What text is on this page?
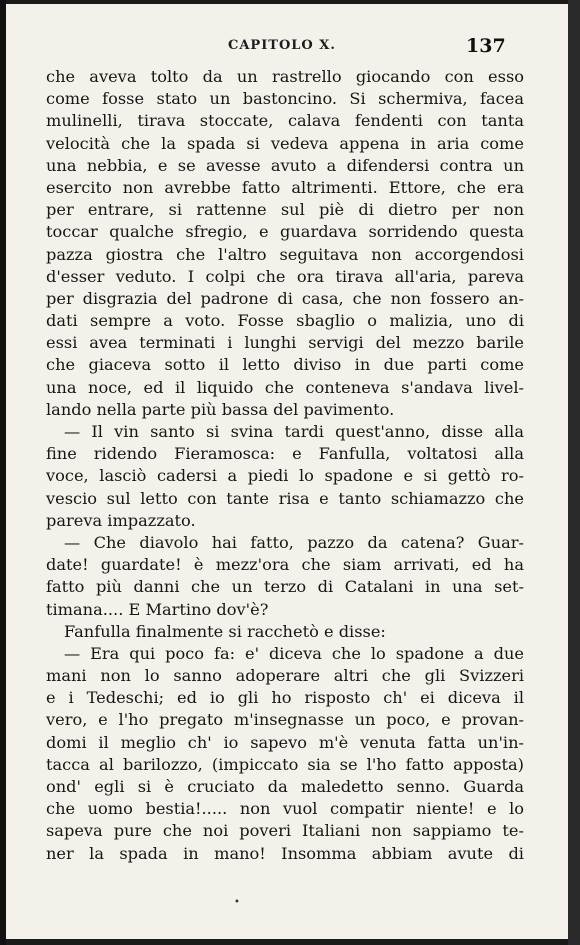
CAPITOLO X.	137
che aveva tolto da un rastrello giocando con esso
come fosse stato un bastoncino. Si schermiva, facea
mulinelli, tirava stoccate, calava fendenti con tanta
velocità che la spada si vedeva appena in aria come
una nebbia, e se avesse avuto a difendersi contra un
esercito non avrebbe fatto altrimenti. Ettore, che era
per entrare, si rattenne sul piè di dietro per non
toccar qualche sfregio, e guardava sorridendo questa
pazza giostra che l'altro seguitava non accorgendosi
d'esser veduto. I colpi che ora tirava all'aria, pareva
per disgrazia del padrone di casa, che non fossero an-
dati sempre a voto. Fosse sbaglio o malizia, uno di
essi avea terminati i lunghi servigi del mezzo barile
che giaceva sotto il letto diviso in due parti come
una noce, ed il liquido che conteneva s'andava livel-
lando nella parte più bassa del pavimento.
— Il vin santo si svina tardi quest'anno, disse alla
fine ridendo Fieramosca: e Fanfulla, voltatosi alla
voce, lasciò cadersi a piedi lo spadone e si gettò ro-
vescio sul letto con tante risa e tanto schiamazzo che
pareva impazzato.
— Che diavolo hai fatto, pazzo da catena? Guar-
date! guardate! è mezz'ora che siam arrivati, ed ha
fatto più danni che un terzo di Catalani in una set-
timana.... E Martino dov'è?
Fanfulla finalmente si racchetò e disse:
— Era qui poco fa: e' diceva che lo spadone a due
mani non lo sanno adoperare altri che gli Svizzeri
e i Tedeschi; ed io gli ho risposto ch' ei diceva il
vero, e l'ho pregato m'insegnasse un poco, e provan-
domi il meglio ch' io sapevo m'è venuta fatta un'in-
tacca al barilozzo, (impiccato sia se l'ho fatto apposta)
ond' egli si è cruciato da maledetto senno. Guarda
che uomo bestia!..... non vuol compatir niente! e lo
sapeva pure che noi poveri Italiani non sappiamo te-
ner la spada in mano! Insomma abbiam avute di
•
